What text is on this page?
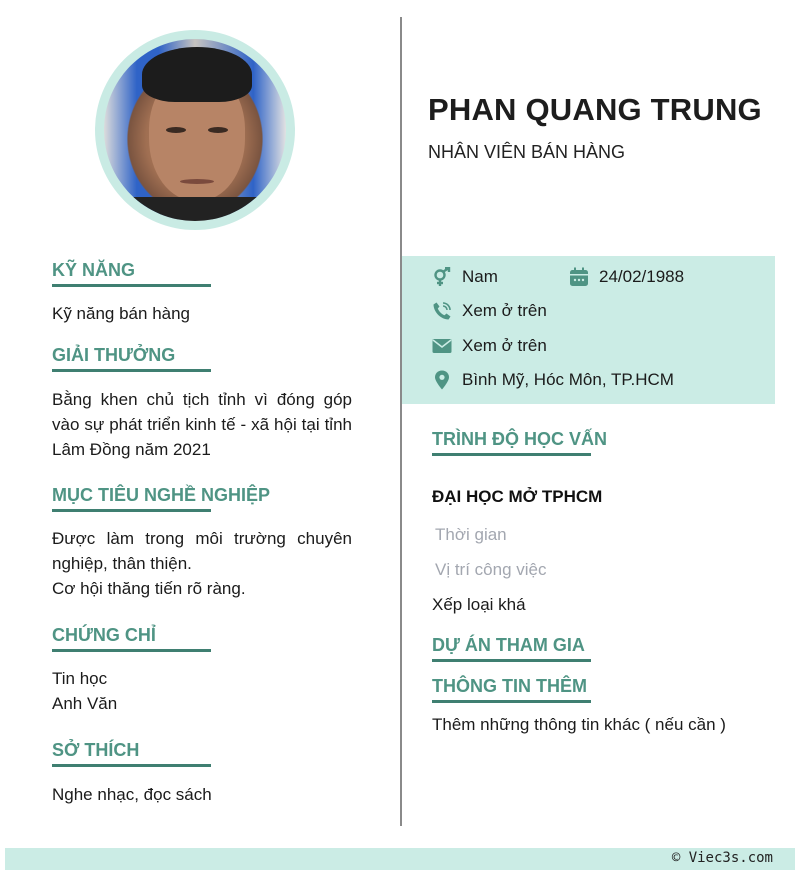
PHAN QUANG TRUNG
NHÂN VIÊN BÁN HÀNG
KỸ NĂNG
Kỹ năng bán hàng
GIẢI THƯỞNG
Bằng khen chủ tịch tỉnh vì đóng góp vào sự phát triển kinh tế - xã hội tại tỉnh Lâm Đồng năm 2021
MỤC TIÊU NGHỀ NGHIỆP
Được làm trong môi trường chuyên nghiệp, thân thiện.
Cơ hội thăng tiến rõ ràng.
CHỨNG CHỈ
Tin học
Anh Văn
SỞ THÍCH
Nghe nhạc, đọc sách
Nam	24/02/1988
Xem ở trên
Xem ở trên
Bình Mỹ, Hóc Môn, TP.HCM
TRÌNH ĐỘ HỌC VẤN
ĐẠI HỌC MỞ TPHCM
Thời gian
Vị trí công việc
Xếp loại khá
DỰ ÁN THAM GIA
THÔNG TIN THÊM
Thêm những thông tin khác ( nếu cần )
© Viec3s.com
